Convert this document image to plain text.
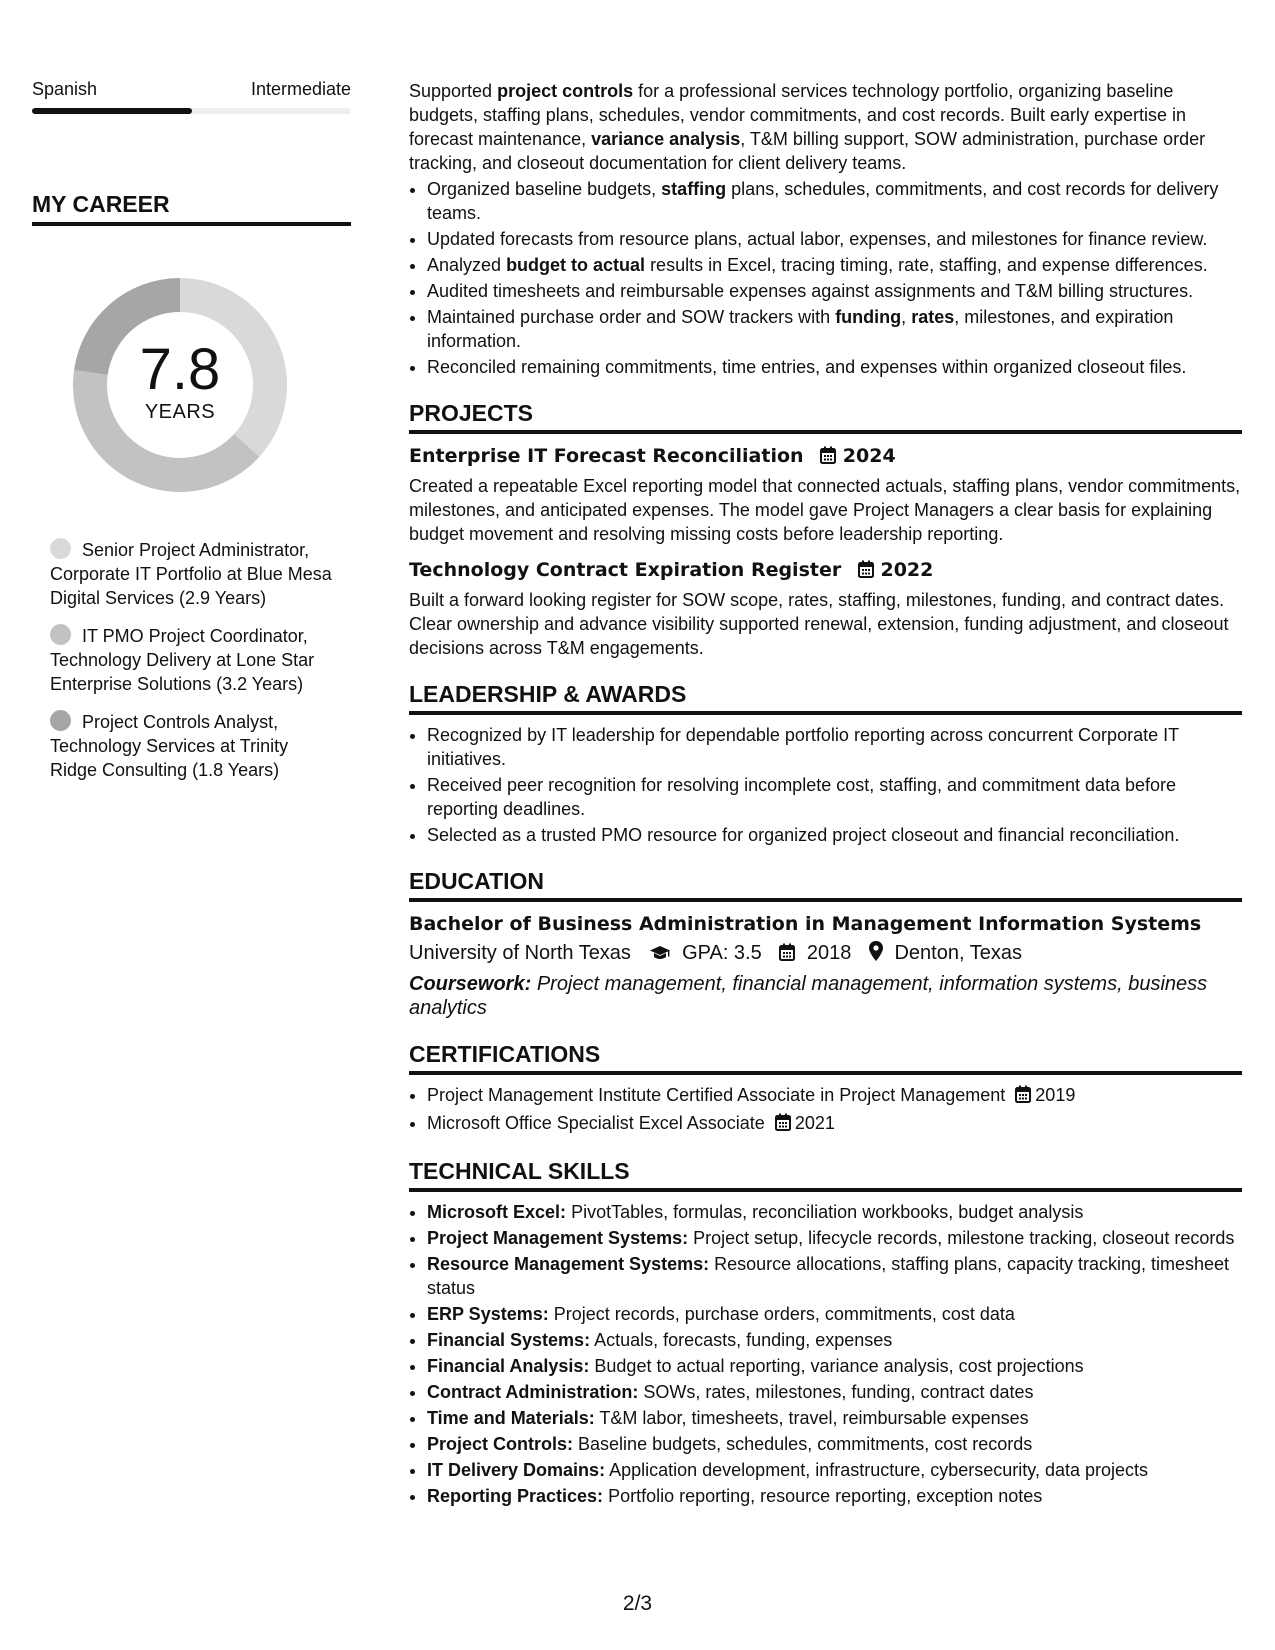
Spanish	Intermediate
MY CAREER
7.8
YEARS
Senior Project Administrator, Corporate IT Portfolio at Blue Mesa Digital Services (2.9 Years)
IT PMO Project Coordinator, Technology Delivery at Lone Star Enterprise Solutions (3.2 Years)
Project Controls Analyst, Technology Services at Trinity Ridge Consulting (1.8 Years)

Supported project controls for a professional services technology portfolio, organizing baseline budgets, staffing plans, schedules, vendor commitments, and cost records. Built early expertise in forecast maintenance, variance analysis, T&M billing support, SOW administration, purchase order tracking, and closeout documentation for client delivery teams.

• Organized baseline budgets, staffing plans, schedules, commitments, and cost records for delivery teams.
• Updated forecasts from resource plans, actual labor, expenses, and milestones for finance review.
• Analyzed budget to actual results in Excel, tracing timing, rate, staffing, and expense differences.
• Audited timesheets and reimbursable expenses against assignments and T&M billing structures.
• Maintained purchase order and SOW trackers with funding, rates, milestones, and expiration information.
• Reconciled remaining commitments, time entries, and expenses within organized closeout files.
PROJECTS
Enterprise IT Forecast Reconciliation 2024

Created a repeatable Excel reporting model that connected actuals, staffing plans, vendor commitments, milestones, and anticipated expenses. The model gave Project Managers a clear basis for explaining budget movement and resolving missing costs before leadership reporting.

Technology Contract Expiration Register 2022

Built a forward looking register for SOW scope, rates, staffing, milestones, funding, and contract dates. Clear ownership and advance visibility supported renewal, extension, funding adjustment, and closeout decisions across T&M engagements.

LEADERSHIP & AWARDS
• Recognized by IT leadership for dependable portfolio reporting across concurrent Corporate IT initiatives.
• Received peer recognition for resolving incomplete cost, staffing, and commitment data before reporting deadlines.
• Selected as a trusted PMO resource for organized project closeout and financial reconciliation.
EDUCATION
Bachelor of Business Administration in Management Information Systems
University of North Texas	GPA: 3.5 2018 Denton, Texas
Coursework: Project management, financial management, information systems, business analytics
CERTIFICATIONS
• Project Management Institute Certified Associate in Project Management 2019
• Microsoft Office Specialist Excel Associate 2021
TECHNICAL SKILLS
• Microsoft Excel: PivotTables, formulas, reconciliation workbooks, budget analysis
• Project Management Systems: Project setup, lifecycle records, milestone tracking, closeout records
• Resource Management Systems: Resource allocations, staffing plans, capacity tracking, timesheet status
• ERP Systems: Project records, purchase orders, commitments, cost data
• Financial Systems: Actuals, forecasts, funding, expenses
• Financial Analysis: Budget to actual reporting, variance analysis, cost projections
• Contract Administration: SOWs, rates, milestones, funding, contract dates
• Time and Materials: T&M labor, timesheets, travel, reimbursable expenses
• Project Controls: Baseline budgets, schedules, commitments, cost records
• IT Delivery Domains: Application development, infrastructure, cybersecurity, data projects
• Reporting Practices: Portfolio reporting, resource reporting, exception notes
2/3
